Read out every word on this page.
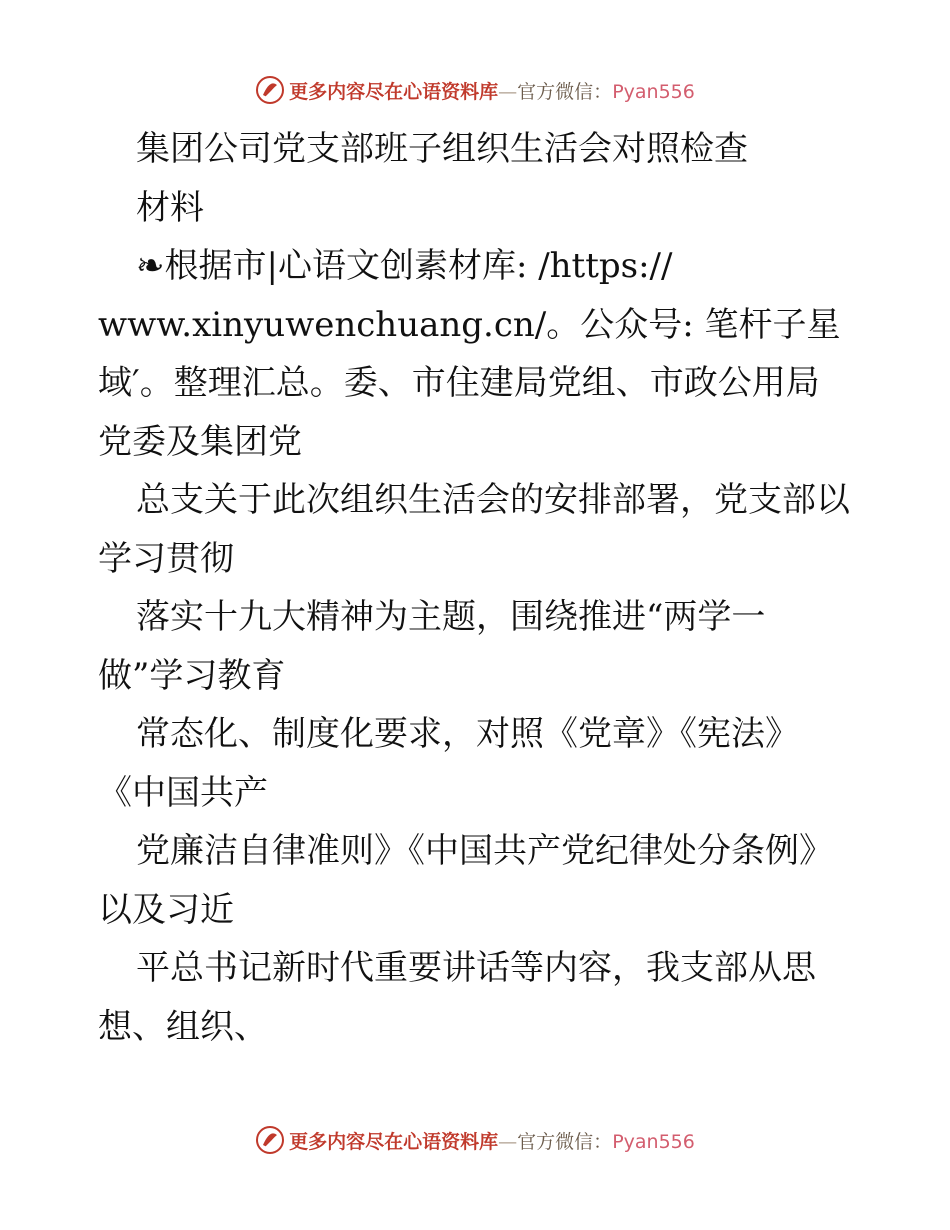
更多内容尽在心语资料库—官方微信：Pyan556
集团公司党支部班子组织生活会对照检查
材料
❧根据市|心语文创素材库: /https://
www.xinyuwenchuang.cn/。公众号: 笔杆子星
域′。整理汇总。委、市住建局党组、市政公用局
党委及集团党
总支关于此次组织生活会的安排部署，党支部以
学习贯彻
落实十九大精神为主题，围绕推进“两学一
做”学习教育
常态化、制度化要求，对照《党章》《宪法》
《中国共产
党廉洁自律准则》《中国共产党纪律处分条例》
以及习近
平总书记新时代重要讲话等内容，我支部从思
想、组织、
更多内容尽在心语资料库—官方微信：Pyan556
